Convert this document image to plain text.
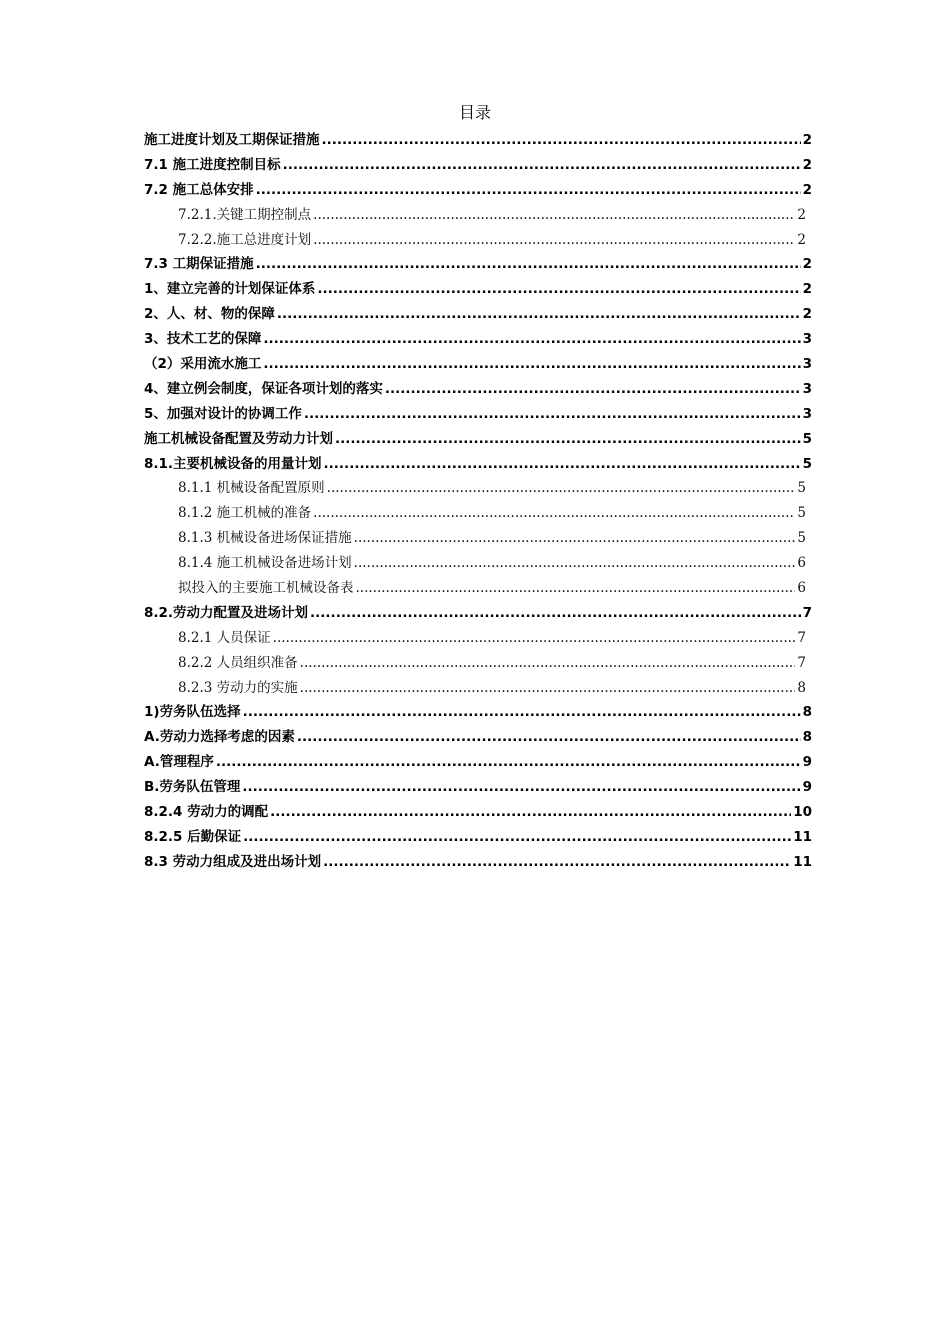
目录
施工进度计划及工期保证措施 .....	2
7.1 施工进度控制目标 .....	2
7.2 施工总体安排 .....	2
7.2.1.关键工期控制点 .....	2
7.2.2.施工总进度计划 .....	2
7.3 工期保证措施 .....	2
1、建立完善的计划保证体系 .....	2
2、人、材、物的保障 .....	2
3、技术工艺的保障 .....	3
（2）采用流水施工 .....	3
4、建立例会制度，保证各项计划的落实 .....	3
5、加强对设计的协调工作 .....	3
施工机械设备配置及劳动力计划 .....	5
8.1.主要机械设备的用量计划 .....	5
8.1.1 机械设备配置原则 .....	5
8.1.2 施工机械的准备 .....	5
8.1.3 机械设备进场保证措施 .....	5
8.1.4 施工机械设备进场计划 .....	6
拟投入的主要施工机械设备表 .....	6
8.2.劳动力配置及进场计划 .....	7
8.2.1 人员保证 .....	7
8.2.2 人员组织准备 .....	7
8.2.3 劳动力的实施 .....	8
1)劳务队伍选择 .....	8
A.劳动力选择考虑的因素 .....	8
A.管理程序 .....	9
B.劳务队伍管理 .....	9
8.2.4 劳动力的调配 .....	10
8.2.5 后勤保证 .....	11
8.3 劳动力组成及进出场计划 .....	11
